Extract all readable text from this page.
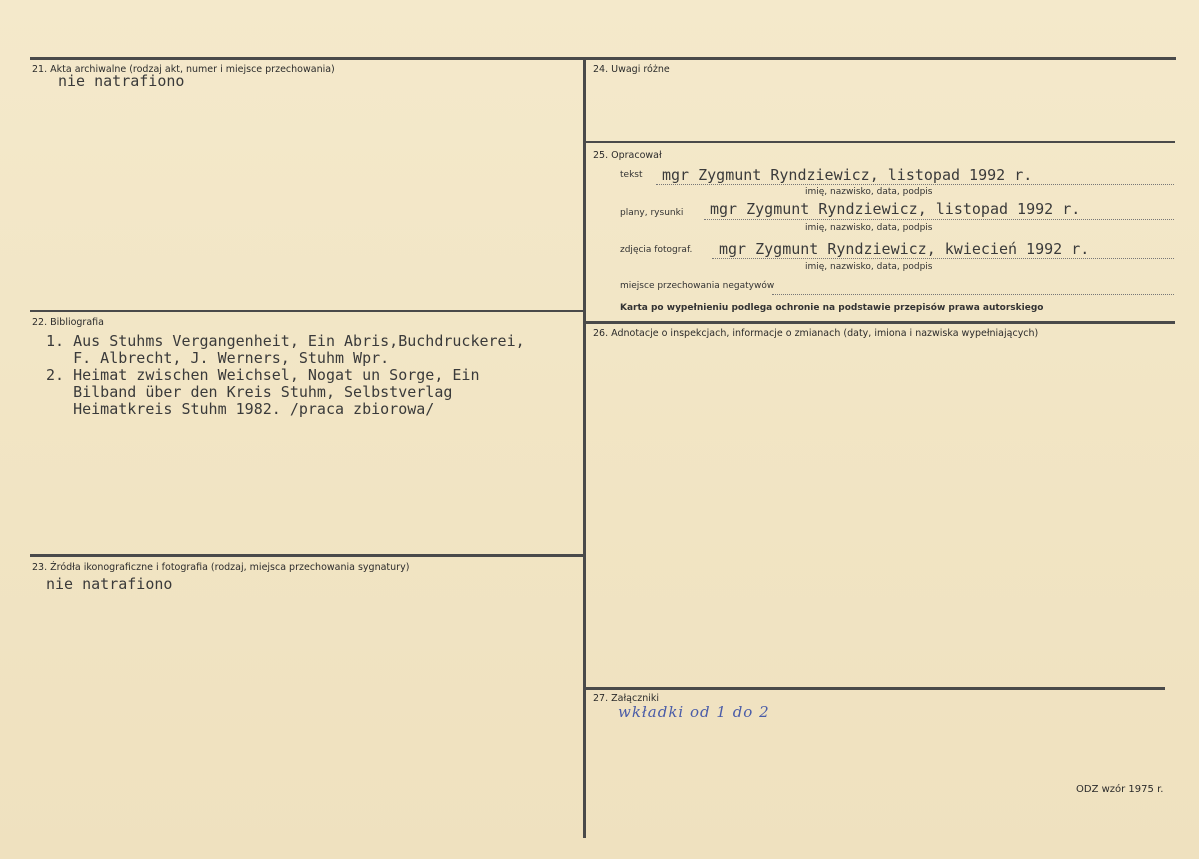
21. Akta archiwalne (rodzaj akt, numer i miejsce przechowania)
nie natrafiono
22. Bibliografia
1. Aus Stuhms Vergangenheit, Ein Abris,Buchdruckerei,
F. Albrecht, J. Werners, Stuhm Wpr.
2. Heimat zwischen Weichsel, Nogat un Sorge, Ein
Bilband über den Kreis Stuhm, Selbstverlag
Heimatkreis Stuhm 1982. /praca zbiorowa/
23. Źródła ikonograficzne i fotografia (rodzaj, miejsca przechowania sygnatury)
nie natrafiono
24. Uwagi różne
25. Opracował
tekst mgr Zygmunt Ryndziewicz, listopad 1992 r.
imię, nazwisko, data, podpis
plany, rysunki mgr Zygmunt Ryndziewicz, listopad 1992 r.
imię, nazwisko, data, podpis
zdjęcia fotograf. mgr Zygmunt Ryndziewicz, kwiecień 1992 r.
imię, nazwisko, data, podpis
miejsce przechowania negatywów
Karta po wypełnieniu podlega ochronie na podstawie przepisów prawa autorskiego
26. Adnotacje o inspekcjach, informacje o zmianach (daty, imiona i nazwiska wypełniających)
27. Załączniki
wkładki od 1 do 2
ODZ wzór 1975 r.
